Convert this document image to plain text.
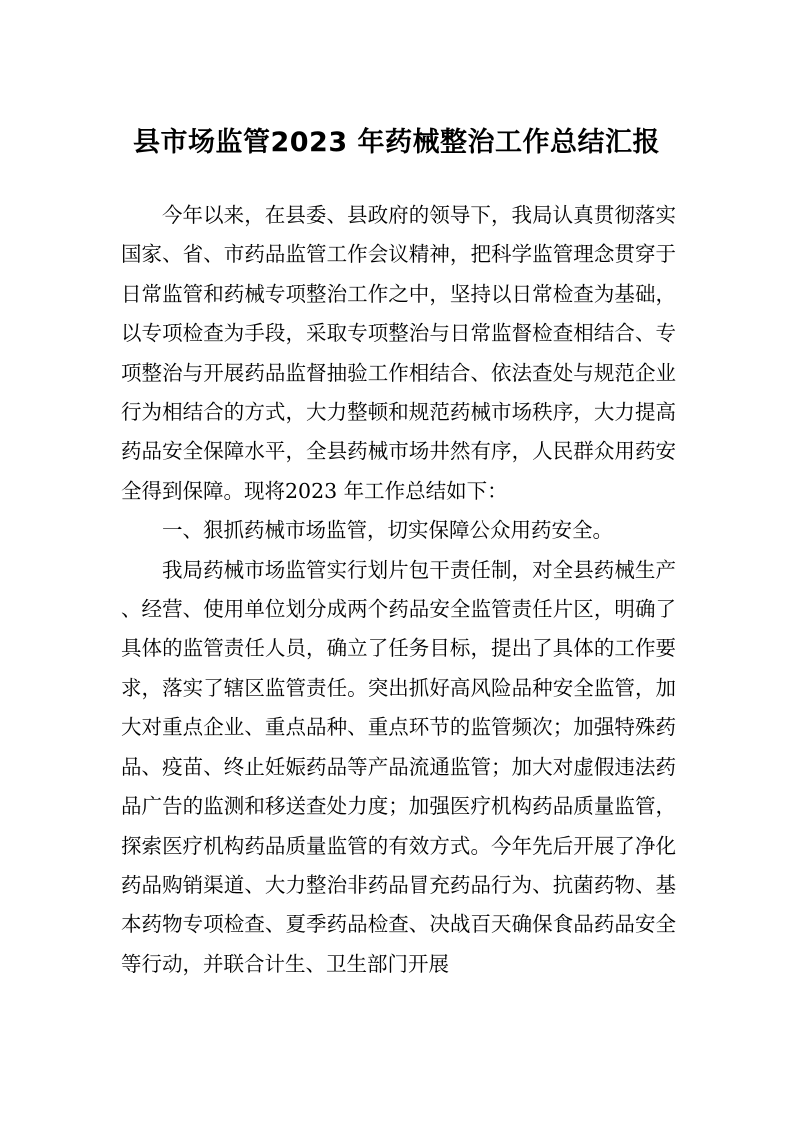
县市场监管2023 年药械整治工作总结汇报

今年以来，在县委、县政府的领导下，我局认真贯彻落实国家、省、市药品监管工作会议精神，把科学监管理念贯穿于日常监管和药械专项整治工作之中，坚持以日常检查为基础，以专项检查为手段，采取专项整治与日常监督检查相结合、专项整治与开展药品监督抽验工作相结合、依法查处与规范企业行为相结合的方式，大力整顿和规范药械市场秩序，大力提高药品安全保障水平，全县药械市场井然有序，人民群众用药安全得到保障。现将2023 年工作总结如下：

一、狠抓药械市场监管，切实保障公众用药安全。

我局药械市场监管实行划片包干责任制，对全县药械生产、经营、使用单位划分成两个药品安全监管责任片区，明确了具体的监管责任人员，确立了任务目标，提出了具体的工作要求，落实了辖区监管责任。突出抓好高风险品种安全监管，加大对重点企业、重点品种、重点环节的监管频次；加强特殊药品、疫苗、终止妊娠药品等产品流通监管；加大对虚假违法药品广告的监测和移送查处力度；加强医疗机构药品质量监管，探索医疗机构药品质量监管的有效方式。今年先后开展了净化药品购销渠道、大力整治非药品冒充药品行为、抗菌药物、基本药物专项检查、夏季药品检查、决战百天确保食品药品安全等行动，并联合计生、卫生部门开展
